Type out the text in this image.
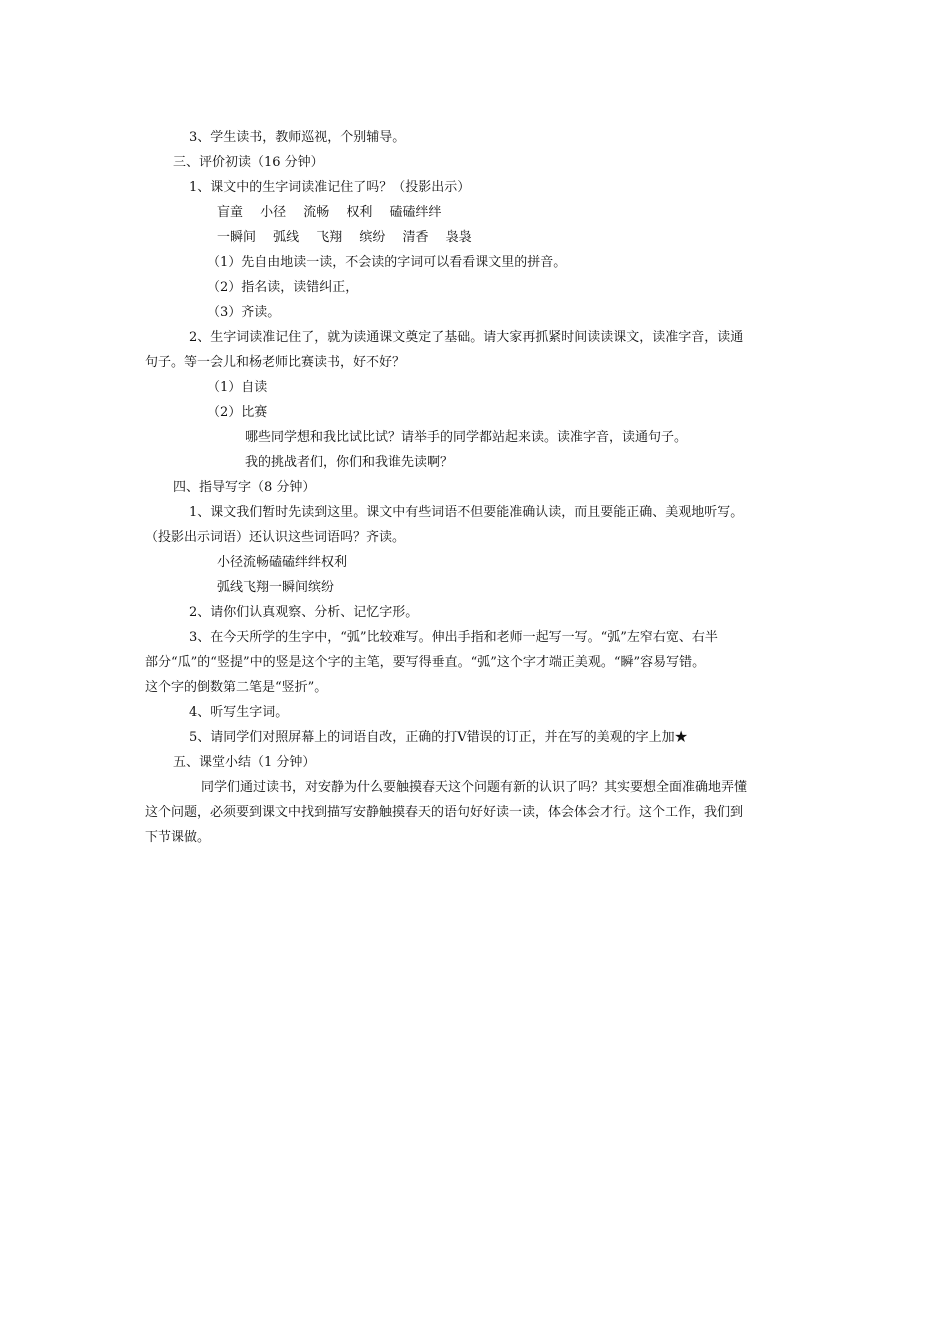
3、学生读书，教师巡视，个别辅导。
三、评价初读（16 分钟）
1、课文中的生字词读准记住了吗？（投影出示）
盲童　 小径　 流畅　 权利　 磕磕绊绊
一瞬间　 弧线　 飞翔　 缤纷　 清香　 袅袅
（1）先自由地读一读，不会读的字词可以看看课文里的拼音。
（2）指名读，读错纠正，
（3）齐读。
2、生字词读准记住了，就为读通课文奠定了基础。请大家再抓紧时间读读课文，读准字音，读通
句子。等一会儿和杨老师比赛读书，好不好？
（1）自读
（2）比赛
哪些同学想和我比试比试？请举手的同学都站起来读。读准字音，读通句子。
我的挑战者们，你们和我谁先读啊？
四、指导写字（8 分钟）
1、课文我们暂时先读到这里。课文中有些词语不但要能准确认读，而且要能正确、美观地听写。
（投影出示词语）还认识这些词语吗？齐读。
小径流畅磕磕绊绊权利
弧线飞翔一瞬间缤纷
2、请你们认真观察、分析、记忆字形。
3、在今天所学的生字中，“弧”比较难写。伸出手指和老师一起写一写。“弧”左窄右宽、右半
部分“瓜”的“竖提”中的竖是这个字的主笔，要写得垂直。“弧”这个字才端正美观。“瞬”容易写错。
这个字的倒数第二笔是“竖折”。
4、听写生字词。
5、请同学们对照屏幕上的词语自改，正确的打Ⅴ错误的订正，并在写的美观的字上加★
五、课堂小结（1 分钟）
同学们通过读书，对安静为什么要触摸春天这个问题有新的认识了吗？其实要想全面准确地弄懂
这个问题，必须要到课文中找到描写安静触摸春天的语句好好读一读，体会体会才行。这个工作，我们到
下节课做。
